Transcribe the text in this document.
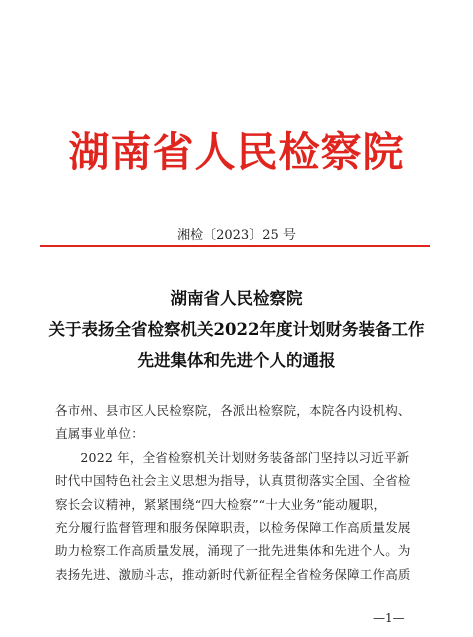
湖南省人民检察院
湘检〔2023〕25 号
湖南省人民检察院
关于表扬全省检察机关2022年度计划财务装备工作
先进集体和先进个人的通报
各市州、县市区人民检察院，各派出检察院，本院各内设机构、
直属事业单位：
　　2022 年，全省检察机关计划财务装备部门坚持以习近平新
时代中国特色社会主义思想为指导，认真贯彻落实全国、全省检
察长会议精神，紧紧围绕“四大检察”“十大业务”能动履职，
充分履行监督管理和服务保障职责，以检务保障工作高质量发展
助力检察工作高质量发展，涌现了一批先进集体和先进个人。为
表扬先进、激励斗志，推动新时代新征程全省检务保障工作高质
—1—
